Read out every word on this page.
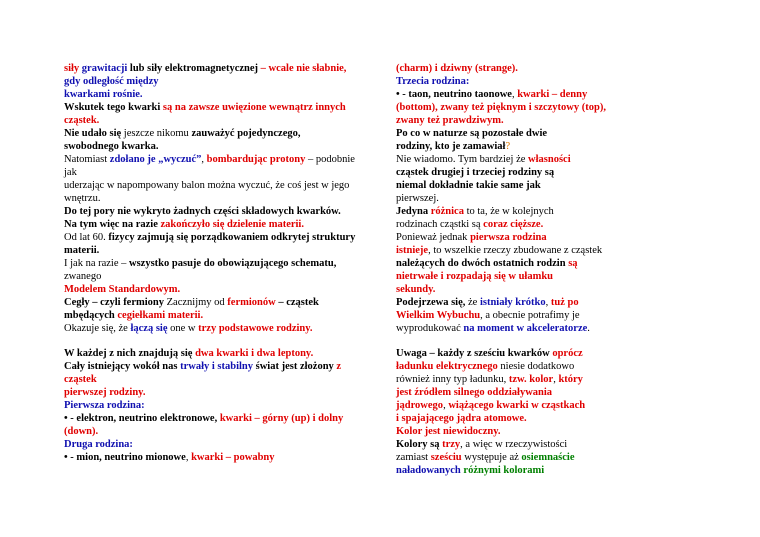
siły grawitacji lub siły elektromagnetycznej – wcale nie słabnie,
gdy odległość między
kwarkami rośnie.

Wskutek tego kwarki są na zawsze uwięzione wewnątrz innych cząstek.

Nie udało się jeszcze nikomu zauważyć pojedynczego,
swobodnego kwarka.

Natomiast zdołano je „wyczuć”, bombardując protony – podobnie jak
uderzając w napompowany balon można wyczuć, że coś jest w jego wnętrzu.

Do tej pory nie wykryto żadnych części składowych kwarków.

Na tym więc na razie zakończyło się dzielenie materii.

Od lat 60. fizycy zajmują się porządkowaniem odkrytej struktury
materii.

I jak na razie – wszystko pasuje do obowiązującego schematu, zwanego

Modelem Standardowym.

Cegły – czyli fermiony Zacznijmy od fermionów – cząstek
mbędących cegiełkami materii.

Okazuje się, że łączą się one w trzy podstawowe rodziny.

W każdej z nich znajdują się dwa kwarki i dwa leptony.

Cały istniejący wokół nas trwały i stabilny świat jest złożony z cząstek

pierwszej rodziny.

Pierwsza rodzina:

• - elektron, neutrino elektronowe, kwarki – górny (up) i dolny (down).

Druga rodzina:

• - mion, neutrino mionowe, kwarki – powabny

(charm) i dziwny (strange).

Trzecia rodzina:

• - taon, neutrino taonowe, kwarki – denny
(bottom), zwany też pięknym i szczytowy (top),
zwany też prawdziwym.

Po co w naturze są pozostałe dwie
rodziny, kto je zamawiał?

Nie wiadomo. Tym bardziej że własności
cząstek drugiej i trzeciej rodziny są
niemal dokładnie takie same jak
pierwszej.

Jedyna różnica to ta, że w kolejnych
rodzinach cząstki są coraz cięższe.

Ponieważ jednak pierwsza rodzina
istnieje, to wszelkie rzeczy zbudowane z cząstek
należących do dwóch ostatnich rodzin są
nietrwałe i rozpadają się w ułamku
sekundy.

Podejrzewa się, że istniały krótko, tuż po
Wielkim Wybuchu, a obecnie potrafimy je
wyprodukować na moment w akceleratorze.

Uwaga – każdy z sześciu kwarków oprócz
ładunku elektrycznego niesie dodatkowo
również inny typ ładunku, tzw. kolor, który
jest źródłem silnego oddziaływania
jądrowego, wiążącego kwarki w cząstkach
i spajającego jądra atomowe.

Kolor jest niewidoczny.

Kolory są trzy, a więc w rzeczywistości
zamiast sześciu występuje aż osiemnaście
naładowanych różnymi kolorami
